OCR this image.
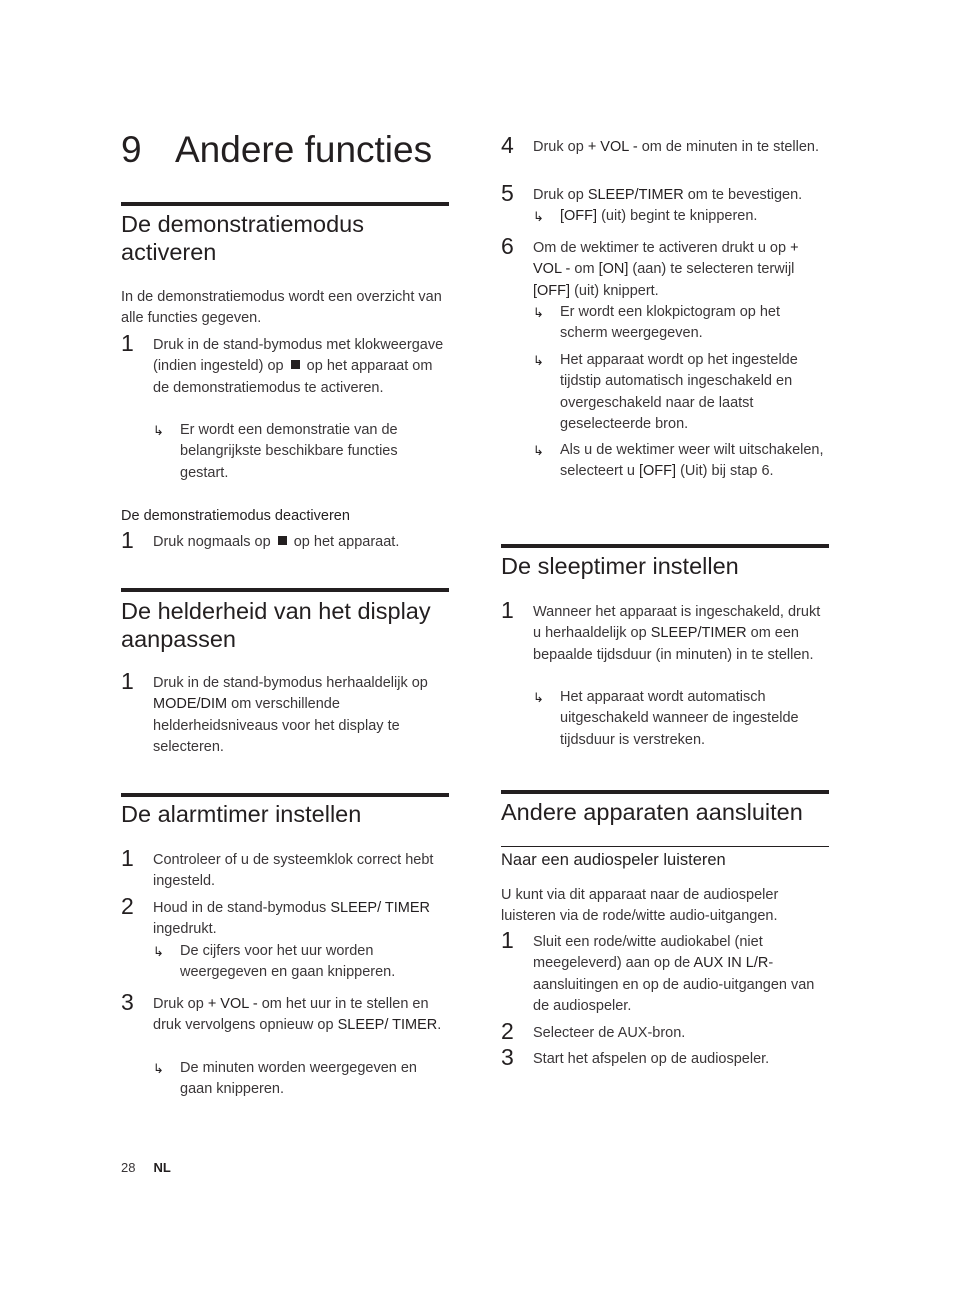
9 Andere functies
De demonstratiemodus activeren
In de demonstratiemodus wordt een overzicht van alle functies gegeven.
1 Druk in de stand-bymodus met klokweergave (indien ingesteld) op op het apparaat om de demonstratiemodus te activeren.
↳ Er wordt een demonstratie van de belangrijkste beschikbare functies gestart.
De demonstratiemodus deactiveren
1 Druk nogmaals op op het apparaat.
De helderheid van het display aanpassen
1 Druk in de stand-bymodus herhaaldelijk op MODE/DIM om verschillende helderheidsniveaus voor het display te selecteren.
De alarmtimer instellen
1 Controleer of u de systeemklok correct hebt ingesteld.
2 Houd in de stand-bymodus SLEEP/ TIMER ingedrukt.
↳ De cijfers voor het uur worden weergegeven en gaan knipperen.
3 Druk op + VOL - om het uur in te stellen en druk vervolgens opnieuw op SLEEP/ TIMER.
↳ De minuten worden weergegeven en gaan knipperen.
4 Druk op + VOL - om de minuten in te stellen.
5 Druk op SLEEP/TIMER om te bevestigen.
↳ [OFF] (uit) begint te knipperen.
6 Om de wektimer te activeren drukt u op + VOL - om [ON] (aan) te selecteren terwijl [OFF] (uit) knippert.
↳ Er wordt een klokpictogram op het scherm weergegeven.
↳ Het apparaat wordt op het ingestelde tijdstip automatisch ingeschakeld en overgeschakeld naar de laatst geselecteerde bron.
↳ Als u de wektimer weer wilt uitschakelen, selecteert u [OFF] (Uit) bij stap 6.
De sleeptimer instellen
1 Wanneer het apparaat is ingeschakeld, drukt u herhaaldelijk op SLEEP/TIMER om een bepaalde tijdsduur (in minuten) in te stellen.
↳ Het apparaat wordt automatisch uitgeschakeld wanneer de ingestelde tijdsduur is verstreken.
Andere apparaten aansluiten
Naar een audiospeler luisteren
U kunt via dit apparaat naar de audiospeler luisteren via de rode/witte audio-uitgangen.
1 Sluit een rode/witte audiokabel (niet meegeleverd) aan op de AUX IN L/R-aansluitingen en op de audio-uitgangen van de audiospeler.
2 Selecteer de AUX-bron.
3 Start het afspelen op de audiospeler.
28 NL
